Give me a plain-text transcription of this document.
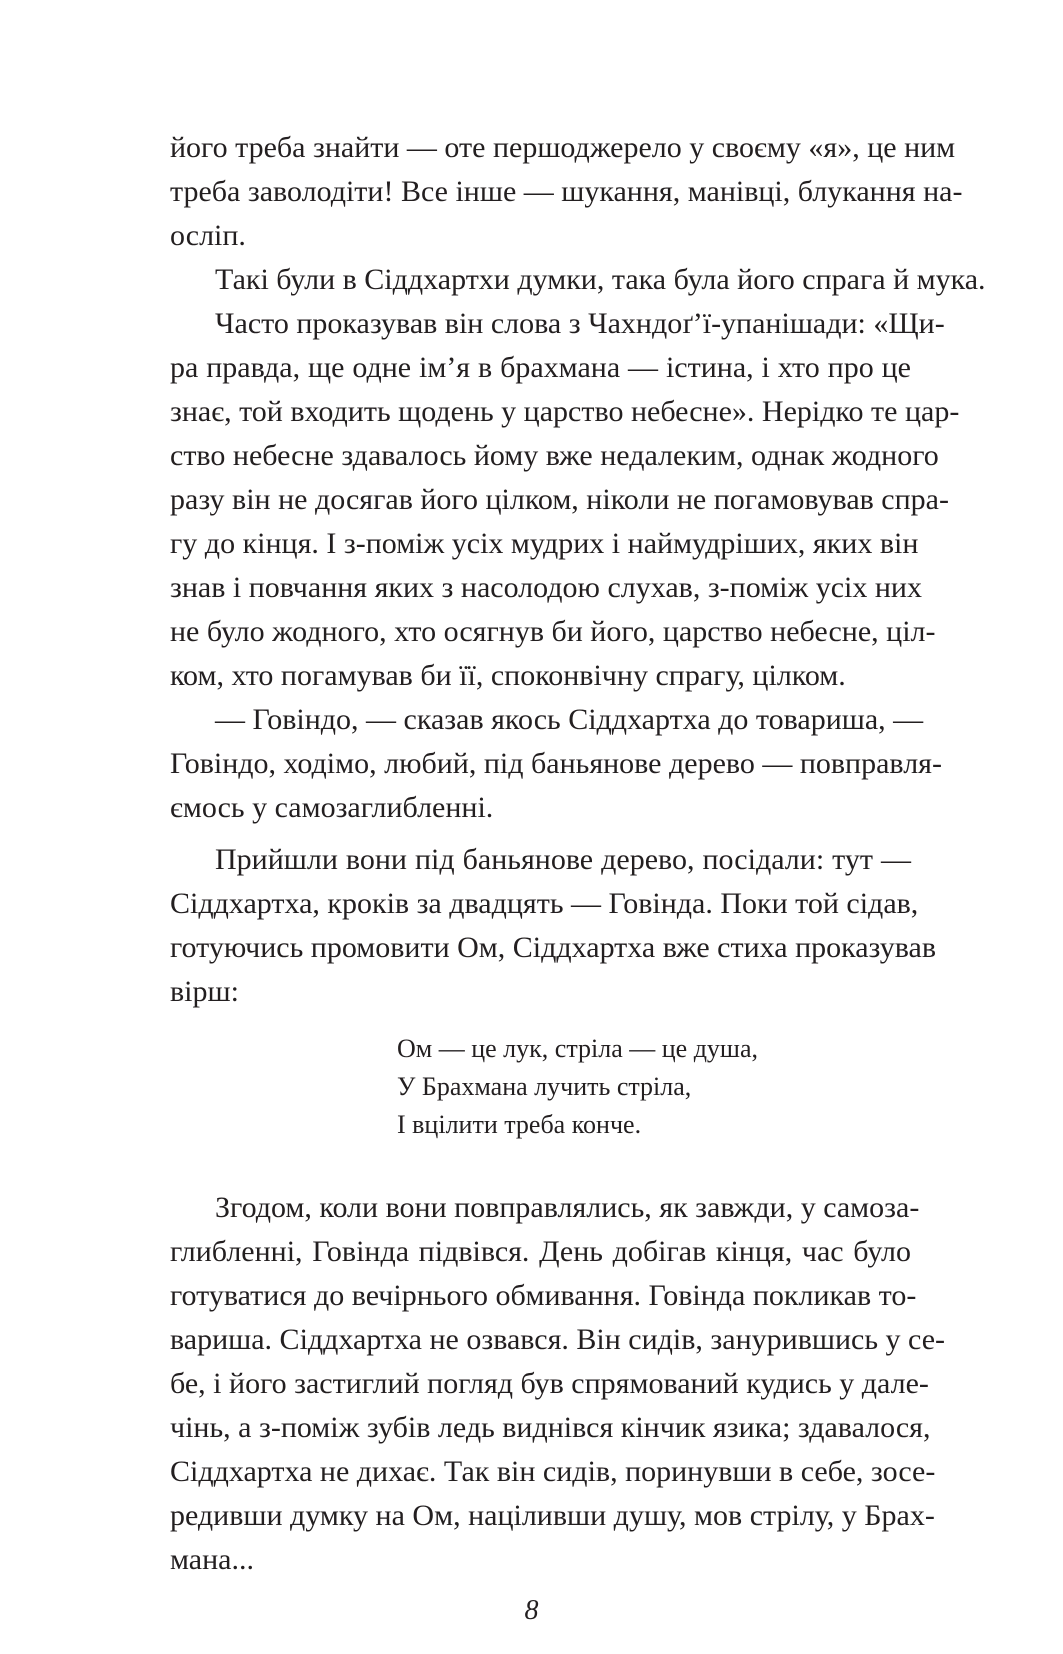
його треба знайти — оте першоджерело у своєму «я», це ним
треба заволодіти! Все інше — шукання, манівці, блукання на-
осліп.
Такі були в Сіддхартхи думки, така була його спрага й мука.
Часто проказував він слова з Чахндоґ’ї-упанішади: «Щи-
ра правда, ще одне ім’я в брахмана — істина, і хто про це
знає, той входить щодень у царство небесне». Нерідко те цар-
ство небесне здавалось йому вже недалеким, однак жодного
разу він не досягав його цілком, ніколи не погамовував спра-
гу до кінця. І з-поміж усіх мудрих і наймудріших, яких він
знав і повчання яких з насолодою слухав, з-поміж усіх них
не було жодного, хто осягнув би його, царство небесне, ціл-
ком, хто погамував би її, споконвічну спрагу, цілком.
— Говіндо, — сказав якось Сіддхартха до товариша, —
Говіндо, ходімо, любий, під баньянове дерево — повправля-
ємось у самозаглибленні.
Прийшли вони під баньянове дерево, посідали: тут —
Сіддхартха, кроків за двадцять — Говінда. Поки той сідав,
готуючись промовити Ом, Сіддхартха вже стиха проказував
вірш:
Ом — це лук, стріла — це душа,
У Брахмана лучить стріла,
І вцілити треба конче.
Згодом, коли вони повправлялись, як завжди, у самоза-
глибленні, Говінда підвівся. День добігав кінця, час було
готуватися до вечірнього обмивання. Говінда покликав то-
вариша. Сіддхартха не озвався. Він сидів, занурившись у се-
бе, і його застиглий погляд був спрямований кудись у дале-
чінь, а з-поміж зубів ледь виднівся кінчик язика; здавалося,
Сіддхартха не дихає. Так він сидів, поринувши в себе, зосе-
редивши думку на Ом, націливши душу, мов стрілу, у Брах-
мана...
8
